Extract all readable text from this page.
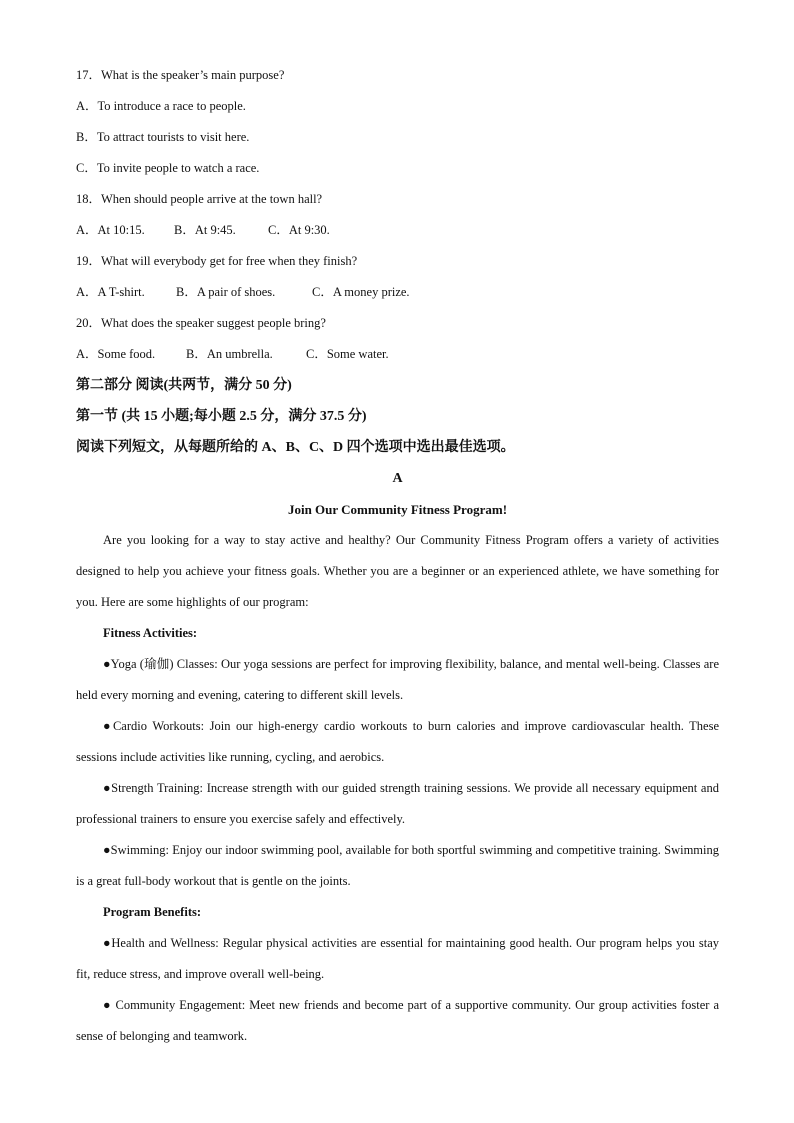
17．What is the speaker’s main purpose?
A．To introduce a race to people.
B．To attract tourists to visit here.
C．To invite people to watch a race.
18．When should people arrive at the town hall?
A．At 10:15. B．At 9:45.	C．At 9:30.
19．What will everybody get for free when they finish?
A．A T-shirt. B．A pair of shoes.	C．A money prize.
20．What does the speaker suggest people bring?
A．Some food. B．An umbrella.	C．Some water.
第二部分 阅读(共两节，满分 50 分)
第一节 (共 15 小题;每小题 2.5 分，满分 37.5 分)
阅读下列短文，从每题所给的 A、B、C、D 四个选项中选出最佳选项。
A
Join Our Community Fitness Program!
Are you looking for a way to stay active and healthy? Our Community Fitness Program offers a variety of activities designed to help you achieve your fitness goals. Whether you are a beginner or an experienced athlete, we have something for you. Here are some highlights of our program:
Fitness Activities:
●Yoga (瑜伽) Classes: Our yoga sessions are perfect for improving flexibility, balance, and mental well-being. Classes are held every morning and evening, catering to different skill levels.
●Cardio Workouts: Join our high-energy cardio workouts to burn calories and improve cardiovascular health. These sessions include activities like running, cycling, and aerobics.
●Strength Training: Increase strength with our guided strength training sessions. We provide all necessary equipment and professional trainers to ensure you exercise safely and effectively.
●Swimming: Enjoy our indoor swimming pool, available for both sportful swimming and competitive training. Swimming is a great full-body workout that is gentle on the joints.
Program Benefits:
●Health and Wellness: Regular physical activities are essential for maintaining good health. Our program helps you stay fit, reduce stress, and improve overall well-being.
● Community Engagement: Meet new friends and become part of a supportive community. Our group activities foster a sense of belonging and teamwork.
